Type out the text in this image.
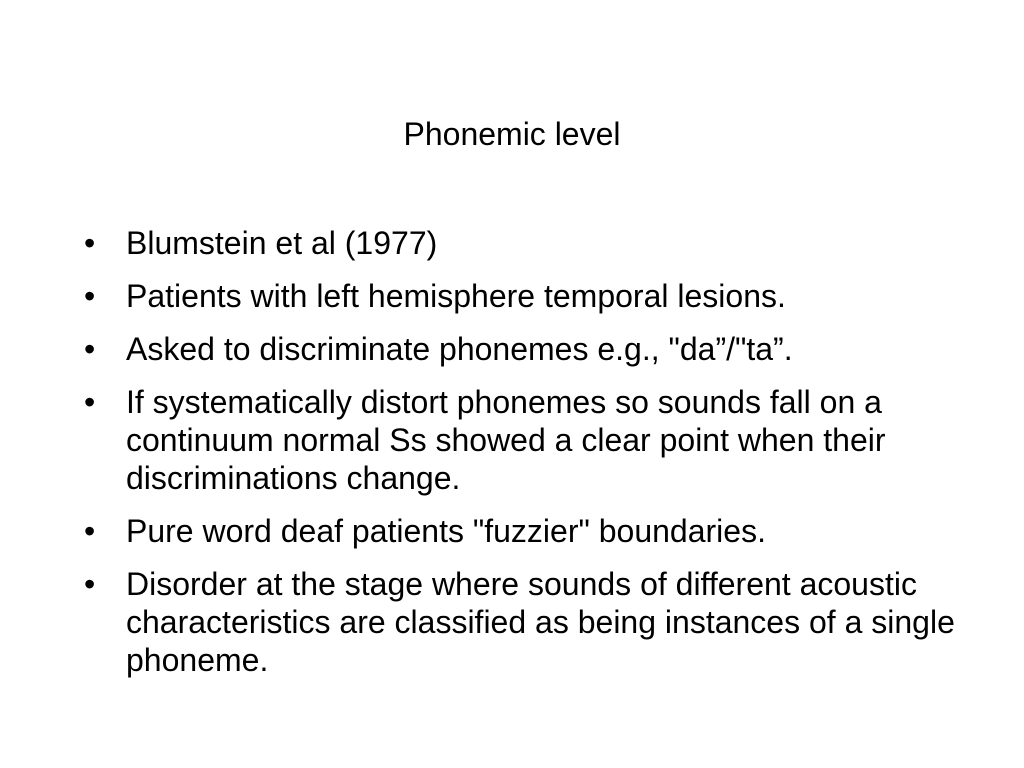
Phonemic level
• Blumstein et al (1977)
• Patients with left hemisphere temporal lesions.
• Asked to discriminate phonemes e.g., "da”/"ta”.
• If systematically distort phonemes so sounds fall on a continuum normal Ss showed a clear point when their discriminations change.
• Pure word deaf patients "fuzzier" boundaries.
• Disorder at the stage where sounds of different acoustic characteristics are classified as being instances of a single phoneme.
